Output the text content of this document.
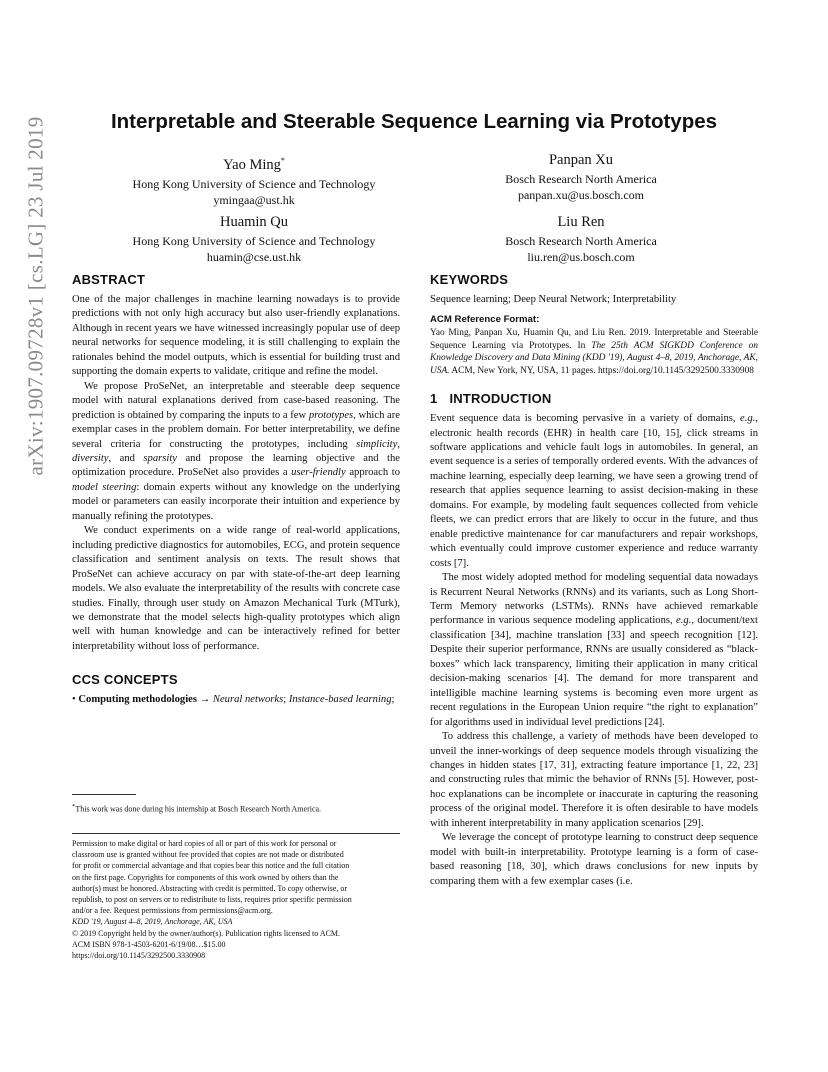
arXiv:1907.09728v1 [cs.LG] 23 Jul 2019	Interpretable and Steerable Sequence Learning via Prototypes
Yao Ming*
Hong Kong University of Science and Technology
ymingaa@ust.hk
Panpan Xu
Bosch Research North America
panpan.xu@us.bosch.com
Huamin Qu
Hong Kong University of Science and Technology
huamin@cse.ust.hk
Liu Ren
Bosch Research North America
liu.ren@us.bosch.com
ABSTRACT

One of the major challenges in machine learning nowadays is to provide predictions with not only high accuracy but also user-friendly explanations. Although in recent years we have witnessed increasingly popular use of deep neural networks for sequence modeling, it is still challenging to explain the rationales behind the model outputs, which is essential for building trust and supporting the domain experts to validate, critique and refine the model.

We propose ProSeNet, an interpretable and steerable deep sequence model with natural explanations derived from case-based reasoning. The prediction is obtained by comparing the inputs to a few prototypes, which are exemplar cases in the problem domain. For better interpretability, we define several criteria for constructing the prototypes, including simplicity, diversity, and sparsity and propose the learning objective and the optimization procedure. ProSeNet also provides a user-friendly approach to model steering: domain experts without any knowledge on the underlying model or parameters can easily incorporate their intuition and experience by manually refining the prototypes.

We conduct experiments on a wide range of real-world applications, including predictive diagnostics for automobiles, ECG, and protein sequence classification and sentiment analysis on texts. The result shows that ProSeNet can achieve accuracy on par with state-of-the-art deep learning models. We also evaluate the interpretability of the results with concrete case studies. Finally, through user study on Amazon Mechanical Turk (MTurk), we demonstrate that the model selects high-quality prototypes which align well with human knowledge and can be interactively refined for better interpretability without loss of performance.

CCS CONCEPTS
• Computing methodologies → Neural networks; Instance-based learning;
*This work was done during his internship at Bosch Research North America.
Permission to make digital or hard copies of all or part of this work for personal or
classroom use is granted without fee provided that copies are not made or distributed
for profit or commercial advantage and that copies bear this notice and the full citation
on the first page. Copyrights for components of this work owned by others than the
author(s) must be honored. Abstracting with credit is permitted. To copy otherwise, or
republish, to post on servers or to redistribute to lists, requires prior specific permission
and/or a fee. Request permissions from permissions@acm.org.
KDD '19, August 4–8, 2019, Anchorage, AK, USA
© 2019 Copyright held by the owner/author(s). Publication rights licensed to ACM.
ACM ISBN 978-1-4503-6201-6/19/08…$15.00
https://doi.org/10.1145/3292500.3330908
KEYWORDS

Sequence learning; Deep Neural Network; Interpretability

ACM Reference Format:

Yao Ming, Panpan Xu, Huamin Qu, and Liu Ren. 2019. Interpretable and Steerable Sequence Learning via Prototypes. In The 25th ACM SIGKDD Conference on Knowledge Discovery and Data Mining (KDD '19), August 4–8, 2019, Anchorage, AK, USA. ACM, New York, NY, USA, 11 pages. https://doi.org/10.1145/3292500.3330908

1 INTRODUCTION

Event sequence data is becoming pervasive in a variety of domains, e.g., electronic health records (EHR) in health care [10, 15], click streams in software applications and vehicle fault logs in automobiles. In general, an event sequence is a series of temporally ordered events. With the advances of machine learning, especially deep learning, we have seen a growing trend of research that applies sequence learning to assist decision-making in these domains. For example, by modeling fault sequences collected from vehicle fleets, we can predict errors that are likely to occur in the future, and thus enable predictive maintenance for car manufacturers and repair workshops, which eventually could improve customer experience and reduce warranty costs [7].

The most widely adopted method for modeling sequential data nowadays is Recurrent Neural Networks (RNNs) and its variants, such as Long Short-Term Memory networks (LSTMs). RNNs have achieved remarkable performance in various sequence modeling applications, e.g., document/text classification [34], machine translation [33] and speech recognition [12]. Despite their superior performance, RNNs are usually considered as “black-boxes” which lack transparency, limiting their application in many critical decision-making scenarios [4]. The demand for more transparent and intelligible machine learning systems is becoming even more urgent as recent regulations in the European Union require “the right to explanation” for algorithms used in individual level predictions [24].

To address this challenge, a variety of methods have been developed to unveil the inner-workings of deep sequence models through visualizing the changes in hidden states [17, 31], extracting feature importance [1, 22, 23] and constructing rules that mimic the behavior of RNNs [5]. However, post-hoc explanations can be incomplete or inaccurate in capturing the reasoning process of the original model. Therefore it is often desirable to have models with inherent interpretability in many application scenarios [29].

We leverage the concept of prototype learning to construct deep sequence model with built-in interpretability. Prototype learning is a form of case-based reasoning [18, 30], which draws conclusions for new inputs by comparing them with a few exemplar cases (i.e.
